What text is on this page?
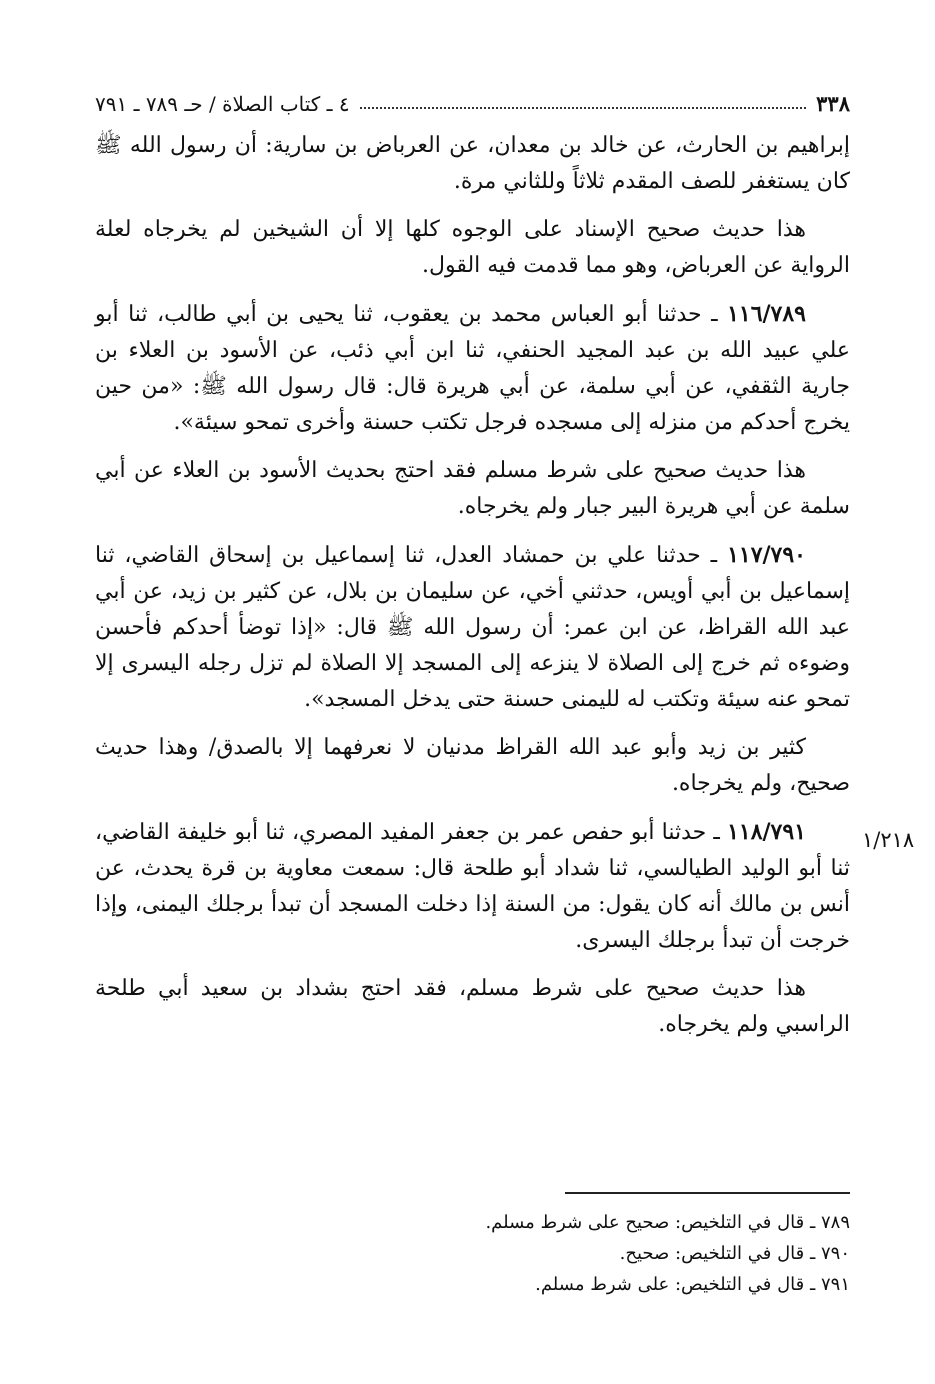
٣٣٨
٤ ـ كتاب الصلاة / حـ ٧٨٩ ـ ٧٩١

إبراهيم بن الحارث، عن خالد بن معدان، عن العرباض بن سارية: أن رسول الله ﷺ كان يستغفر للصف المقدم ثلاثاً وللثاني مرة.

هذا حديث صحيح الإسناد على الوجوه كلها إلا أن الشيخين لم يخرجاه لعلة الرواية عن العرباض، وهو مما قدمت فيه القول.

١١٦/٧٨٩ ـ حدثنا أبو العباس محمد بن يعقوب، ثنا يحيى بن أبي طالب، ثنا أبو علي عبيد الله بن عبد المجيد الحنفي، ثنا ابن أبي ذئب، عن الأسود بن العلاء بن جارية الثقفي، عن أبي سلمة، عن أبي هريرة قال: قال رسول الله ﷺ: «من حين يخرج أحدكم من منزله إلى مسجده فرجل تكتب حسنة وأخرى تمحو سيئة».

هذا حديث صحيح على شرط مسلم فقد احتج بحديث الأسود بن العلاء عن أبي سلمة عن أبي هريرة البير جبار ولم يخرجاه.

١١٧/٧٩٠ ـ حدثنا علي بن حمشاد العدل، ثنا إسماعيل بن إسحاق القاضي، ثنا إسماعيل بن أبي أويس، حدثني أخي، عن سليمان بن بلال، عن كثير بن زيد، عن أبي عبد الله القراظ، عن ابن عمر: أن رسول الله ﷺ قال: «إذا توضأ أحدكم فأحسن وضوءه ثم خرج إلى الصلاة لا ينزعه إلى المسجد إلا الصلاة لم تزل رجله اليسرى إلا تمحو عنه سيئة وتكتب له لليمنى حسنة حتى يدخل المسجد».

كثير بن زيد وأبو عبد الله القراظ مدنيان لا نعرفهما إلا بالصدق/ وهذا حديث صحيح، ولم يخرجاه.

١١٨/٧٩١ ـ حدثنا أبو حفص عمر بن جعفر المفيد المصري، ثنا أبو خليفة القاضي، ثنا أبو الوليد الطيالسي، ثنا شداد أبو طلحة قال: سمعت معاوية بن قرة يحدث، عن أنس بن مالك أنه كان يقول: من السنة إذا دخلت المسجد أن تبدأ برجلك اليمنى، وإذا خرجت أن تبدأ برجلك اليسرى.

هذا حديث صحيح على شرط مسلم، فقد احتج بشداد بن سعيد أبي طلحة الراسبي ولم يخرجاه.

١/٢١٨
٧٨٩ ـ قال في التلخيص: صحيح على شرط مسلم.
٧٩٠ ـ قال في التلخيص: صحيح.
٧٩١ ـ قال في التلخيص: على شرط مسلم.
